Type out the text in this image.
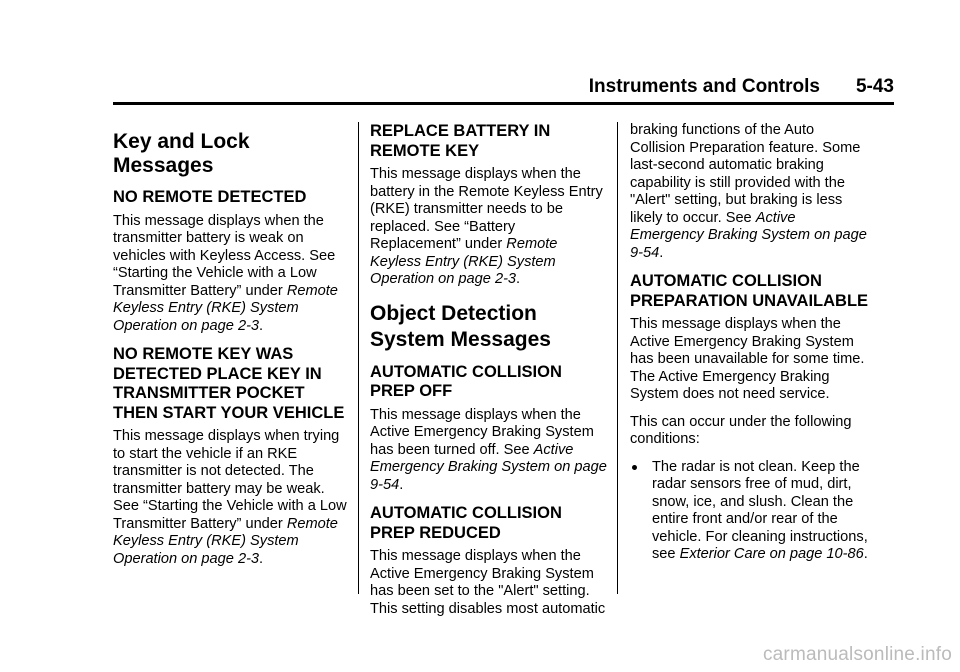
Instruments and Controls 5-43
Key and Lock Messages
NO REMOTE DETECTED

This message displays when the transmitter battery is weak on vehicles with Keyless Access. See “Starting the Vehicle with a Low Transmitter Battery” under Remote Keyless Entry (RKE) System Operation on page 2-3.

NO REMOTE KEY WAS DETECTED PLACE KEY IN TRANSMITTER POCKET THEN START YOUR VEHICLE

This message displays when trying to start the vehicle if an RKE transmitter is not detected. The transmitter battery may be weak. See “Starting the Vehicle with a Low Transmitter Battery” under Remote Keyless Entry (RKE) System Operation on page 2-3.

REPLACE BATTERY IN REMOTE KEY

This message displays when the battery in the Remote Keyless Entry (RKE) transmitter needs to be replaced. See “Battery Replacement” under Remote Keyless Entry (RKE) System Operation on page 2-3.

Object Detection System Messages
AUTOMATIC COLLISION PREP OFF

This message displays when the Active Emergency Braking System has been turned off. See Active Emergency Braking System on page 9-54.

AUTOMATIC COLLISION PREP REDUCED

This message displays when the Active Emergency Braking System has been set to the "Alert" setting. This setting disables most automatic

braking functions of the Auto Collision Preparation feature. Some last-second automatic braking capability is still provided with the "Alert" setting, but braking is less likely to occur. See Active Emergency Braking System on page 9-54.

AUTOMATIC COLLISION PREPARATION UNAVAILABLE

This message displays when the Active Emergency Braking System has been unavailable for some time. The Active Emergency Braking System does not need service.

This can occur under the following conditions:

The radar is not clean. Keep the radar sensors free of mud, dirt, snow, ice, and slush. Clean the entire front and/or rear of the vehicle. For cleaning instructions, see Exterior Care on page 10-86.
carmanualsonline.info
